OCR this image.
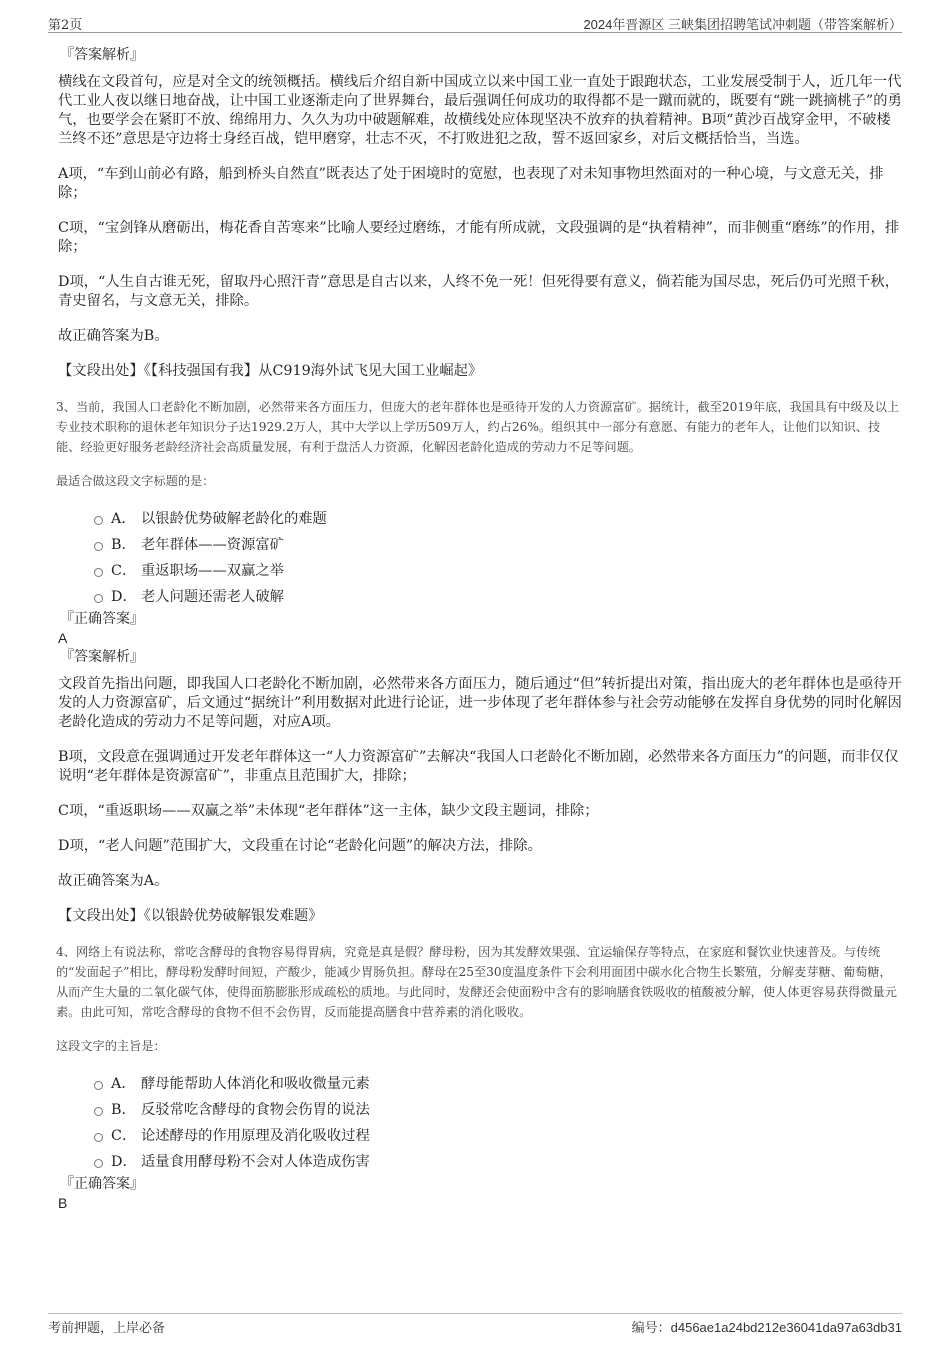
第2页	2024年晋源区 三峡集团招聘笔试冲刺题（带答案解析）
『答案解析』
横线在文段首句，应是对全文的统领概括。横线后介绍自新中国成立以来中国工业一直处于跟跑状态，工业发展受制于人，近几年一代代工业人夜以继日地奋战，让中国工业逐渐走向了世界舞台，最后强调任何成功的取得都不是一蹴而就的，既要有“跳一跳摘桃子”的勇气，也要学会在紧盯不放、绵绵用力、久久为功中破题解难，故横线处应体现坚决不放弃的执着精神。B项“黄沙百战穿金甲，不破楼兰终不还”意思是守边将士身经百战，铠甲磨穿，壮志不灭，不打败进犯之敌，誓不返回家乡，对后文概括恰当，当选。
A项，“车到山前必有路，船到桥头自然直”既表达了处于困境时的宽慰，也表现了对未知事物坦然面对的一种心境，与文意无关，排除；
C项，“宝剑锋从磨砺出，梅花香自苦寒来”比喻人要经过磨练，才能有所成就，文段强调的是“执着精神”，而非侧重“磨练”的作用，排除；
D项，“人生自古谁无死，留取丹心照汗青”意思是自古以来，人终不免一死！但死得要有意义，倘若能为国尽忠，死后仍可光照千秋，青史留名，与文意无关，排除。
故正确答案为B。
【文段出处】《【科技强国有我】从C919海外试飞见大国工业崛起》
3、当前，我国人口老龄化不断加剧，必然带来各方面压力，但庞大的老年群体也是亟待开发的人力资源富矿。据统计，截至2019年底，我国具有中级及以上专业技术职称的退休老年知识分子达1929.2万人，其中大学以上学历509万人，约占26%。组织其中一部分有意愿、有能力的老年人，让他们以知识、技能、经验更好服务老龄经济社会高质量发展，有利于盘活人力资源，化解因老龄化造成的劳动力不足等问题。
最适合做这段文字标题的是：
A． 以银龄优势破解老龄化的难题
B． 老年群体——资源富矿
C． 重返职场——双赢之举
D． 老人问题还需老人破解
『正确答案』
A
『答案解析』
文段首先指出问题，即我国人口老龄化不断加剧，必然带来各方面压力，随后通过“但”转折提出对策，指出庞大的老年群体也是亟待开发的人力资源富矿，后文通过“据统计”利用数据对此进行论证，进一步体现了老年群体参与社会劳动能够在发挥自身优势的同时化解因老龄化造成的劳动力不足等问题，对应A项。
B项，文段意在强调通过开发老年群体这一“人力资源富矿”去解决“我国人口老龄化不断加剧，必然带来各方面压力”的问题，而非仅仅说明“老年群体是资源富矿”，非重点且范围扩大，排除；
C项，“重返职场——双赢之举”未体现“老年群体”这一主体，缺少文段主题词，排除；
D项，“老人问题”范围扩大，文段重在讨论“老龄化问题”的解决方法，排除。
故正确答案为A。
【文段出处】《以银龄优势破解银发难题》
4、网络上有说法称，常吃含酵母的食物容易得胃病，究竟是真是假？酵母粉，因为其发酵效果强、宜运输保存等特点，在家庭和餐饮业快速普及。与传统的“发面起子”相比，酵母粉发酵时间短，产酸少，能减少胃肠负担。酵母在25至30度温度条件下会利用面团中碳水化合物生长繁殖，分解麦芽糖、葡萄糖，从而产生大量的二氧化碳气体，使得面筋膨胀形成疏松的质地。与此同时，发酵还会使面粉中含有的影响膳食铁吸收的植酸被分解，使人体更容易获得微量元素。由此可知，常吃含酵母的食物不但不会伤胃，反而能提高膳食中营养素的消化吸收。
这段文字的主旨是：
A． 酵母能帮助人体消化和吸收微量元素
B． 反驳常吃含酵母的食物会伤胃的说法
C． 论述酵母的作用原理及消化吸收过程
D． 适量食用酵母粉不会对人体造成伤害
『正确答案』
B
考前押题，上岸必备	编号：d456ae1a24bd212e36041da97a63db31
